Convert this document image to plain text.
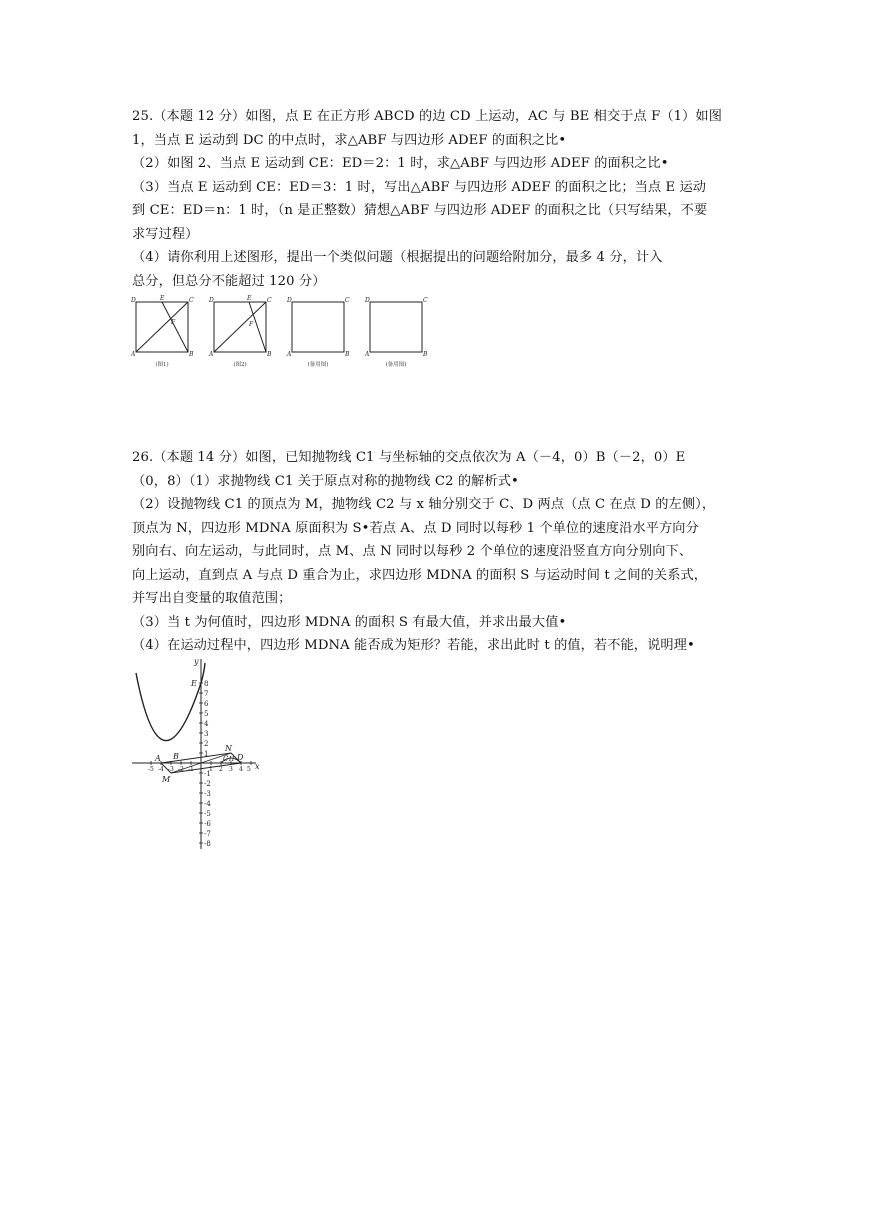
25.（本题 12 分）如图，点 E 在正方形 ABCD 的边 CD 上运动，AC 与 BE 相交于点 F（1）如图

1，当点 E 运动到 DC 的中点时，求△ABF 与四边形 ADEF 的面积之比•

（2）如图 2、当点 E 运动到 CE：ED＝2：1 时，求△ABF 与四边形 ADEF 的面积之比•

（3）当点 E 运动到 CE：ED＝3：1 时，写出△ABF 与四边形 ADEF 的面积之比；当点 E 运动

到 CE：ED＝n：1 时，（n 是正整数）猜想△ABF 与四边形 ADEF 的面积之比（只写结果，不要

求写过程）

（4）请你利用上述图形，提出一个类似问题（根据提出的问题给附加分，最多 4 分，计入

总分，但总分不能超过 120 分）

D	C
E
F
A	B
D	C
E
F
A	B
D	C
A	B
D	C
A	B
(图1)	(图2)	(备用图)	(备用图)

26.（本题 14 分）如图，已知抛物线 C1 与坐标轴的交点依次为 A（－4，0）B（－2，0）E

（0，8）（1）求抛物线 C1 关于原点对称的抛物线 C2 的解析式•

（2）设抛物线 C1 的顶点为 M，抛物线 C2 与 x 轴分别交于 C、D 两点（点 C 在点 D 的左侧），

顶点为 N，四边形 MDNA 原面积为 S•若点 A、点 D 同时以每秒 1 个单位的速度沿水平方向分

别向右、向左运动，与此同时，点 M、点 N 同时以每秒 2 个单位的速度沿竖直方向分别向下、

向上运动，直到点 A 与点 D 重合为止，求四边形 MDNA 的面积 S 与运动时间 t 之间的关系式，

并写出自变量的取值范围；

（3）当 t 为何值时，四边形 MDNA 的面积 S 有最大值，并求出最大值•

（4）在运动过程中，四边形 MDNA 能否成为矩形？若能，求出此时 t 的值，若不能，说明理•

8
7
6
5
4
3
2
1
-1
-2
-3
-4
-5
-6
-7
-8
-5 -4 -3 -2 -1	1 2 3 4 5 x
y
E
A B
M
N
C H D
